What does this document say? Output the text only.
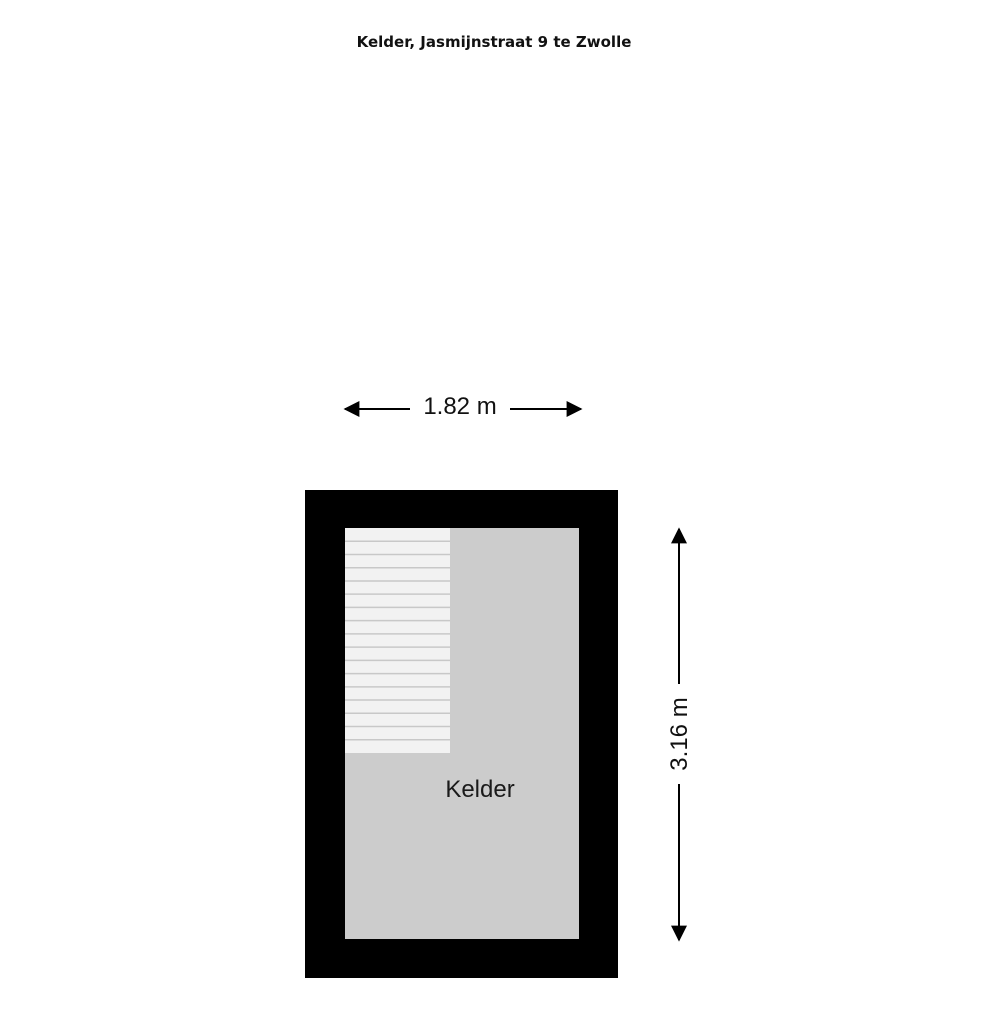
Kelder, Jasmijnstraat 9 te Zwolle
1.82 m
3.16 m
Kelder
